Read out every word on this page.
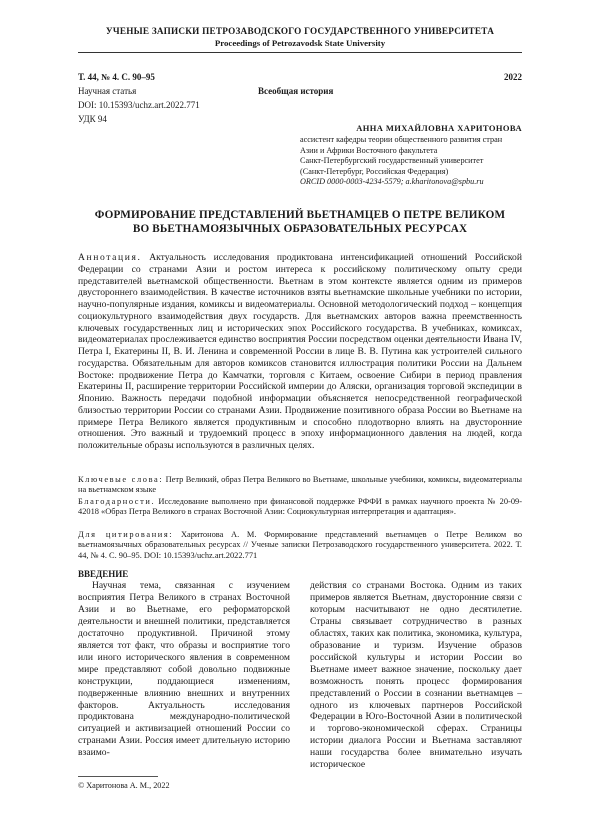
УЧЕНЫЕ ЗАПИСКИ ПЕТРОЗАВОДСКОГО ГОСУДАРСТВЕННОГО УНИВЕРСИТЕТА
Proceedings of Petrozavodsk State University
Т. 44, № 4. С. 90–95	2022
Научная статья	Всеобщая история
DOI: 10.15393/uchz.art.2022.771
УДК 94
АННА МИХАЙЛОВНА ХАРИТОНОВА
ассистент кафедры теории общественного развития стран
Азии и Африки Восточного факультета
Санкт-Петербургский государственный университет
(Санкт-Петербург, Российская Федерация)
ORCID 0000-0003-4234-5579; a.kharitonova@spbu.ru
ФОРМИРОВАНИЕ ПРЕДСТАВЛЕНИЙ ВЬЕТНАМЦЕВ О ПЕТРЕ ВЕЛИКОМ
ВО ВЬЕТНАМОЯЗЫЧНЫХ ОБРАЗОВАТЕЛЬНЫХ РЕСУРСАХ
Аннотация. Актуальность исследования продиктована интенсификацией отношений Российской Федерации со странами Азии и ростом интереса к российскому политическому опыту среди представителей вьетнамской общественности. Вьетнам в этом контексте является одним из примеров двустороннего взаимодействия. В качестве источников взяты вьетнамские школьные учебники по истории, научно-популярные издания, комиксы и видеоматериалы. Основной методологический подход – концепция социокультурного взаимодействия двух государств. Для вьетнамских авторов важна преемственность ключевых государственных лиц и исторических эпох Российского государства. В учебниках, комиксах, видеоматериалах прослеживается единство восприятия России посредством оценки деятельности Ивана IV, Петра I, Екатерины II, В. И. Ленина и современной России в лице В. В. Путина как устроителей сильного государства. Обязательным для авторов комиксов становится иллюстрация политики России на Дальнем Востоке: продвижение Петра до Камчатки, торговля с Китаем, освоение Сибири в период правления Екатерины II, расширение территории Российской империи до Аляски, организация торговой экспедиции в Японию. Важность передачи подобной информации объясняется непосредственной географической близостью территории России со странами Азии. Продвижение позитивного образа России во Вьетнаме на примере Петра Великого является продуктивным и способно плодотворно влиять на двусторонние отношения. Это важный и трудоемкий процесс в эпоху информационного давления на людей, когда положительные образы используются в различных целях.
Ключевые слова: Петр Великий, образ Петра Великого во Вьетнаме, школьные учебники, комиксы, видеоматериалы на вьетнамском языке
Благодарности. Исследование выполнено при финансовой поддержке РФФИ в рамках научного проекта № 20-09-42018 «Образ Петра Великого в странах Восточной Азии: Социокультурная интерпретация и адаптация».
Для цитирования: Харитонова А. М. Формирование представлений вьетнамцев о Петре Великом во вьетнамоязычных образовательных ресурсах // Ученые записки Петрозаводского государственного университета. 2022. Т. 44, № 4. С. 90–95. DOI: 10.15393/uchz.art.2022.771
ВВЕДЕНИЕ
Научная тема, связанная с изучением восприятия Петра Великого в странах Восточной Азии и во Вьетнаме, его реформаторской деятельности и внешней политики, представляется достаточно продуктивной. Причиной этому является тот факт, что образы и восприятие того или иного исторического явления в современном мире представляют собой довольно подвижные конструкции, поддающиеся изменениям, подверженные влиянию внешних и внутренних факторов. Актуальность исследования продиктована международно-политической ситуацией и активизацией отношений России со странами Азии. Россия имеет длительную историю взаимо-
действия со странами Востока. Одним из таких примеров является Вьетнам, двусторонние связи с которым насчитывают не одно десятилетие. Страны связывает сотрудничество в разных областях, таких как политика, экономика, культура, образование и туризм. Изучение образов российской культуры и истории России во Вьетнаме имеет важное значение, поскольку дает возможность понять процесс формирования представлений о России в сознании вьетнамцев – одного из ключевых партнеров Российской Федерации в Юго-Восточной Азии в политической и торгово-экономической сферах. Страницы истории диалога России и Вьетнама заставляют наши государства более внимательно изучать историческое
© Харитонова А. М., 2022
